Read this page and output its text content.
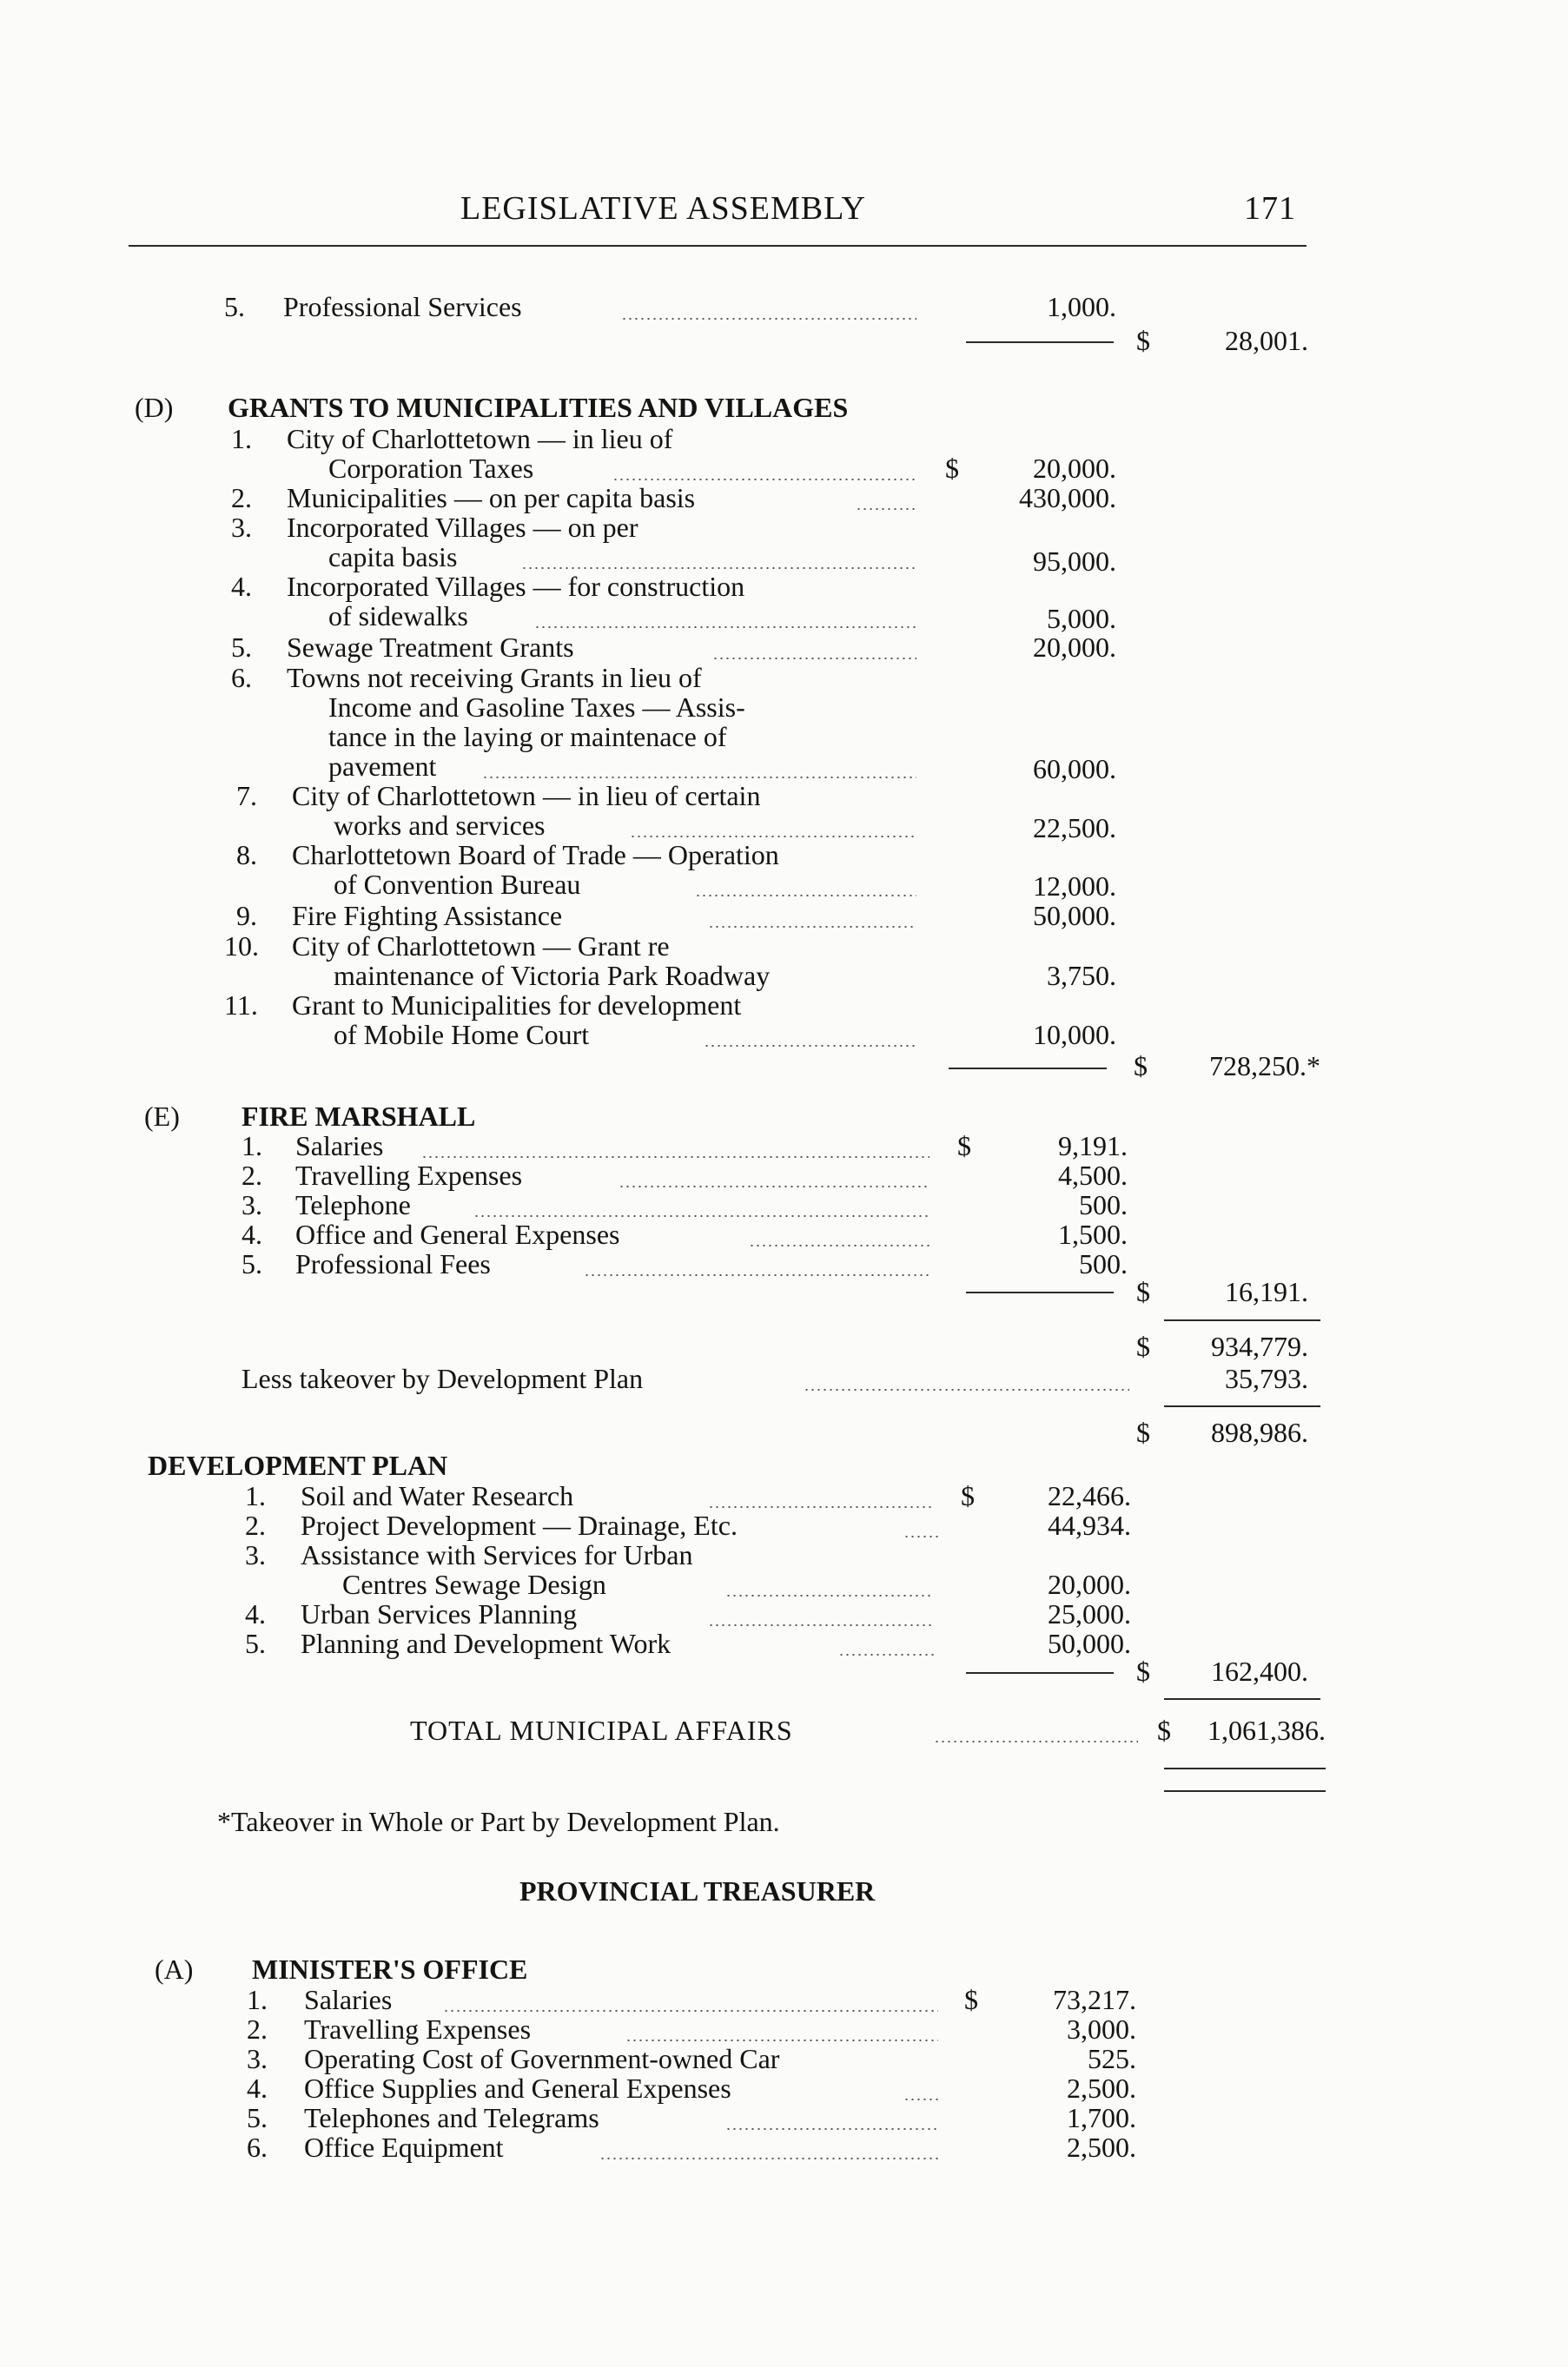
LEGISLATIVE ASSEMBLY	171
5. Professional Services	1,000.
$	28,001.
(D) GRANTS TO MUNICIPALITIES AND VILLAGES
1. City of Charlottetown — in lieu of
Corporation Taxes	$	20,000.
2. Municipalities — on per capita basis	430,000.
3. Incorporated Villages — on per
capita basis	95,000.
4. Incorporated Villages — for construction
of sidewalks	5,000.
5. Sewage Treatment Grants	20,000.
6. Towns not receiving Grants in lieu of
Income and Gasoline Taxes — Assis-
tance in the laying or maintenace of
pavement	60,000.
7. City of Charlottetown — in lieu of certain
works and services	22,500.
8. Charlottetown Board of Trade — Operation
of Convention Bureau	12,000.
9. Fire Fighting Assistance	50,000.
10. City of Charlottetown — Grant re
maintenance of Victoria Park Roadway	3,750.
11. Grant to Municipalities for development
of Mobile Home Court	10,000.
$	728,250.*
(E) FIRE MARSHALL
1. Salaries	$	9,191.
2. Travelling Expenses	4,500.
3. Telephone	500.
4. Office and General Expenses	1,500.
5. Professional Fees	500.
$	16,191.
$	934,779.
Less takeover by Development Plan	35,793.
$	898,986.
DEVELOPMENT PLAN
1. Soil and Water Research	$	22,466.
2. Project Development — Drainage, Etc.	44,934.
3. Assistance with Services for Urban
Centres Sewage Design	20,000.
4. Urban Services Planning	25,000.
5. Planning and Development Work	50,000.
$	162,400.
TOTAL MUNICIPAL AFFAIRS	$	1,061,386.
*Takeover in Whole or Part by Development Plan.
PROVINCIAL TREASURER
(A) MINISTER'S OFFICE
1. Salaries	$	73,217.
2. Travelling Expenses	3,000.
3. Operating Cost of Government-owned Car	525.
4. Office Supplies and General Expenses	2,500.
5. Telephones and Telegrams	1,700.
6. Office Equipment	2,500.
